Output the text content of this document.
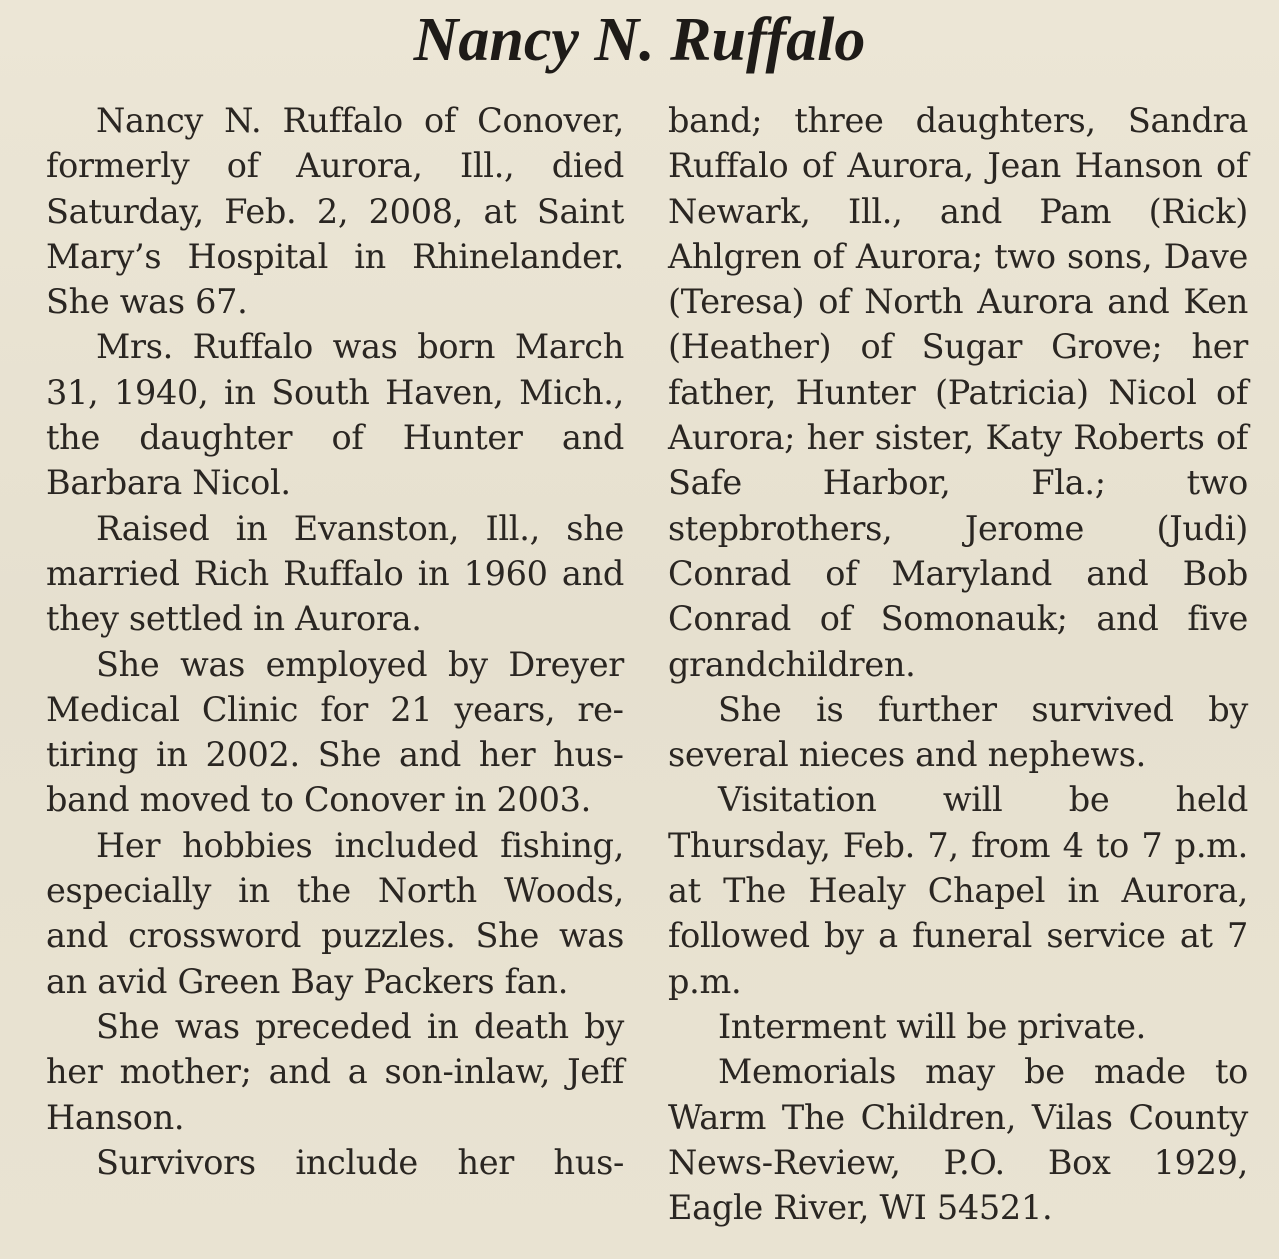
Nancy N. Ruffalo

Nancy N. Ruffalo of Conover, formerly of Aurora, Ill., died Saturday, Feb. 2, 2008, at Saint Mary’s Hospital in Rhinelander. She was 67.

Mrs. Ruffalo was born March 31, 1940, in South Haven, Mich., the daughter of Hunter and Barbara Nicol.

Raised in Evanston, Ill., she married Rich Ruffalo in 1960 and they settled in Aurora.

She was employed by Dreyer Medical Clinic for 21 years, retiring in 2002. She and her husband moved to Conover in 2003.

Her hobbies included fishing, especially in the North Woods, and crossword puzzles. She was an avid Green Bay Packers fan.

She was preceded in death by her mother; and a son-inlaw, Jeff Hanson.

Survivors include her hus-

band; three daughters, Sandra Ruffalo of Aurora, Jean Hanson of Newark, Ill., and Pam (Rick) Ahlgren of Aurora; two sons, Dave (Teresa) of North Aurora and Ken (Heather) of Sugar Grove; her father, Hunter (Patricia) Nicol of Aurora; her sister, Katy Roberts of Safe Harbor, Fla.; two stepbrothers, Jerome (Judi) Conrad of Maryland and Bob Conrad of Somonauk; and five grandchildren.

She is further survived by several nieces and nephews.

Visitation will be held Thursday, Feb. 7, from 4 to 7 p.m. at The Healy Chapel in Aurora, followed by a funeral service at 7 p.m.

Interment will be private.

Memorials may be made to Warm The Children, Vilas County News-Review, P.O. Box 1929, Eagle River, WI 54521.
